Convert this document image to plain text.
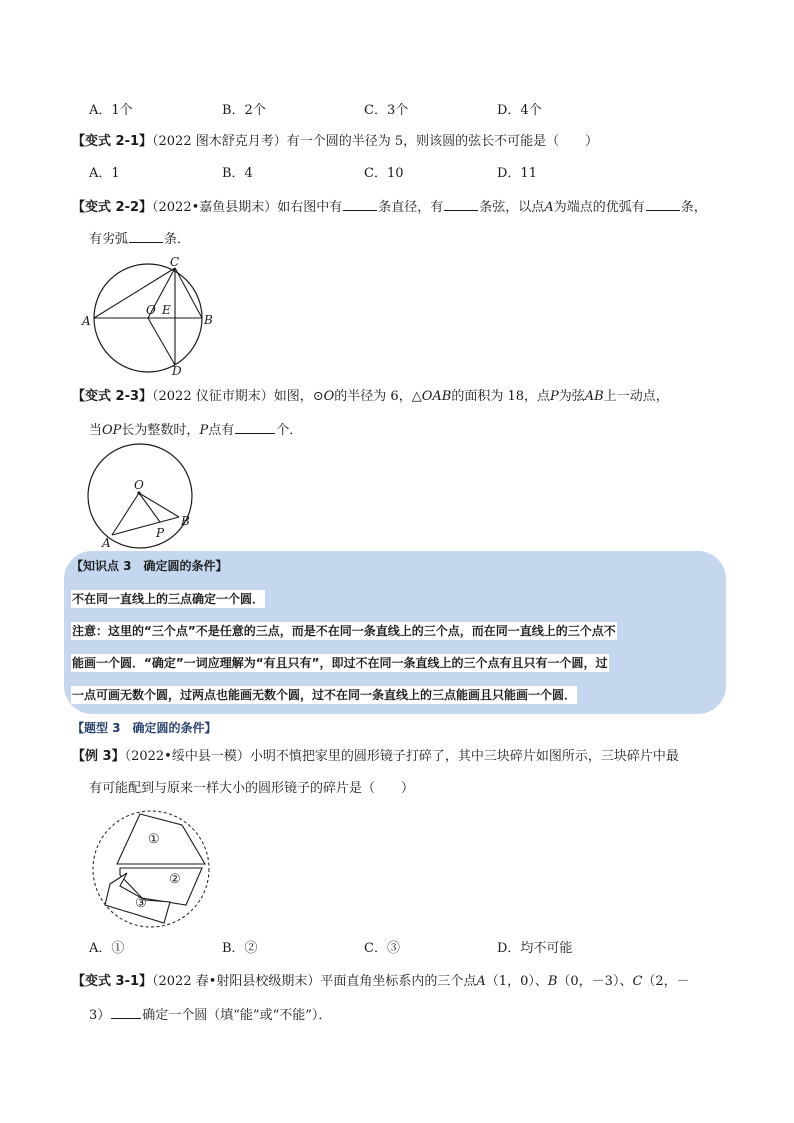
A．1个	B．2个	C．3个	D．4个
【变式 2-1】（2022 图木舒克月考）有一个圆的半径为 5，则该圆的弦长不可能是（　　）
A．1	B．4	C．10	D．11
【变式 2-2】（2022•嘉鱼县期末）如右图中有	条直径，有	条弦，以点A为端点的优弧有	条，
有劣弧	条．
A	B
C
D
O E
【变式 2-3】（2022 仪征市期末）如图，⊙O的半径为 6，△OAB的面积为 18，点P为弦AB上一动点，
当OP长为整数时，P点有	个．
O
A
B
P
【知识点 3　确定圆的条件】
不在同一直线上的三点确定一个圆．
注意：这里的“三个点”不是任意的三点，而是不在同一条直线上的三个点，而在同一直线上的三个点不
能画一个圆．“确定”一词应理解为“有且只有”，即过不在同一条直线上的三个点有且只有一个圆，过
一点可画无数个圆，过两点也能画无数个圆，过不在同一条直线上的三点能画且只能画一个圆．
【题型 3　确定圆的条件】
【例 3】（2022•绥中县一模）小明不慎把家里的圆形镜子打碎了，其中三块碎片如图所示，三块碎片中最
有可能配到与原来一样大小的圆形镜子的碎片是（　　）
①
②
③
A．①	B．②	C．③	D．均不可能
【变式 3-1】（2022 春•射阳县校级期末）平面直角坐标系内的三个点A（1，0）、B（0，－3）、C（2，－
3） 确定一个圆（填“能”或“不能”）．
